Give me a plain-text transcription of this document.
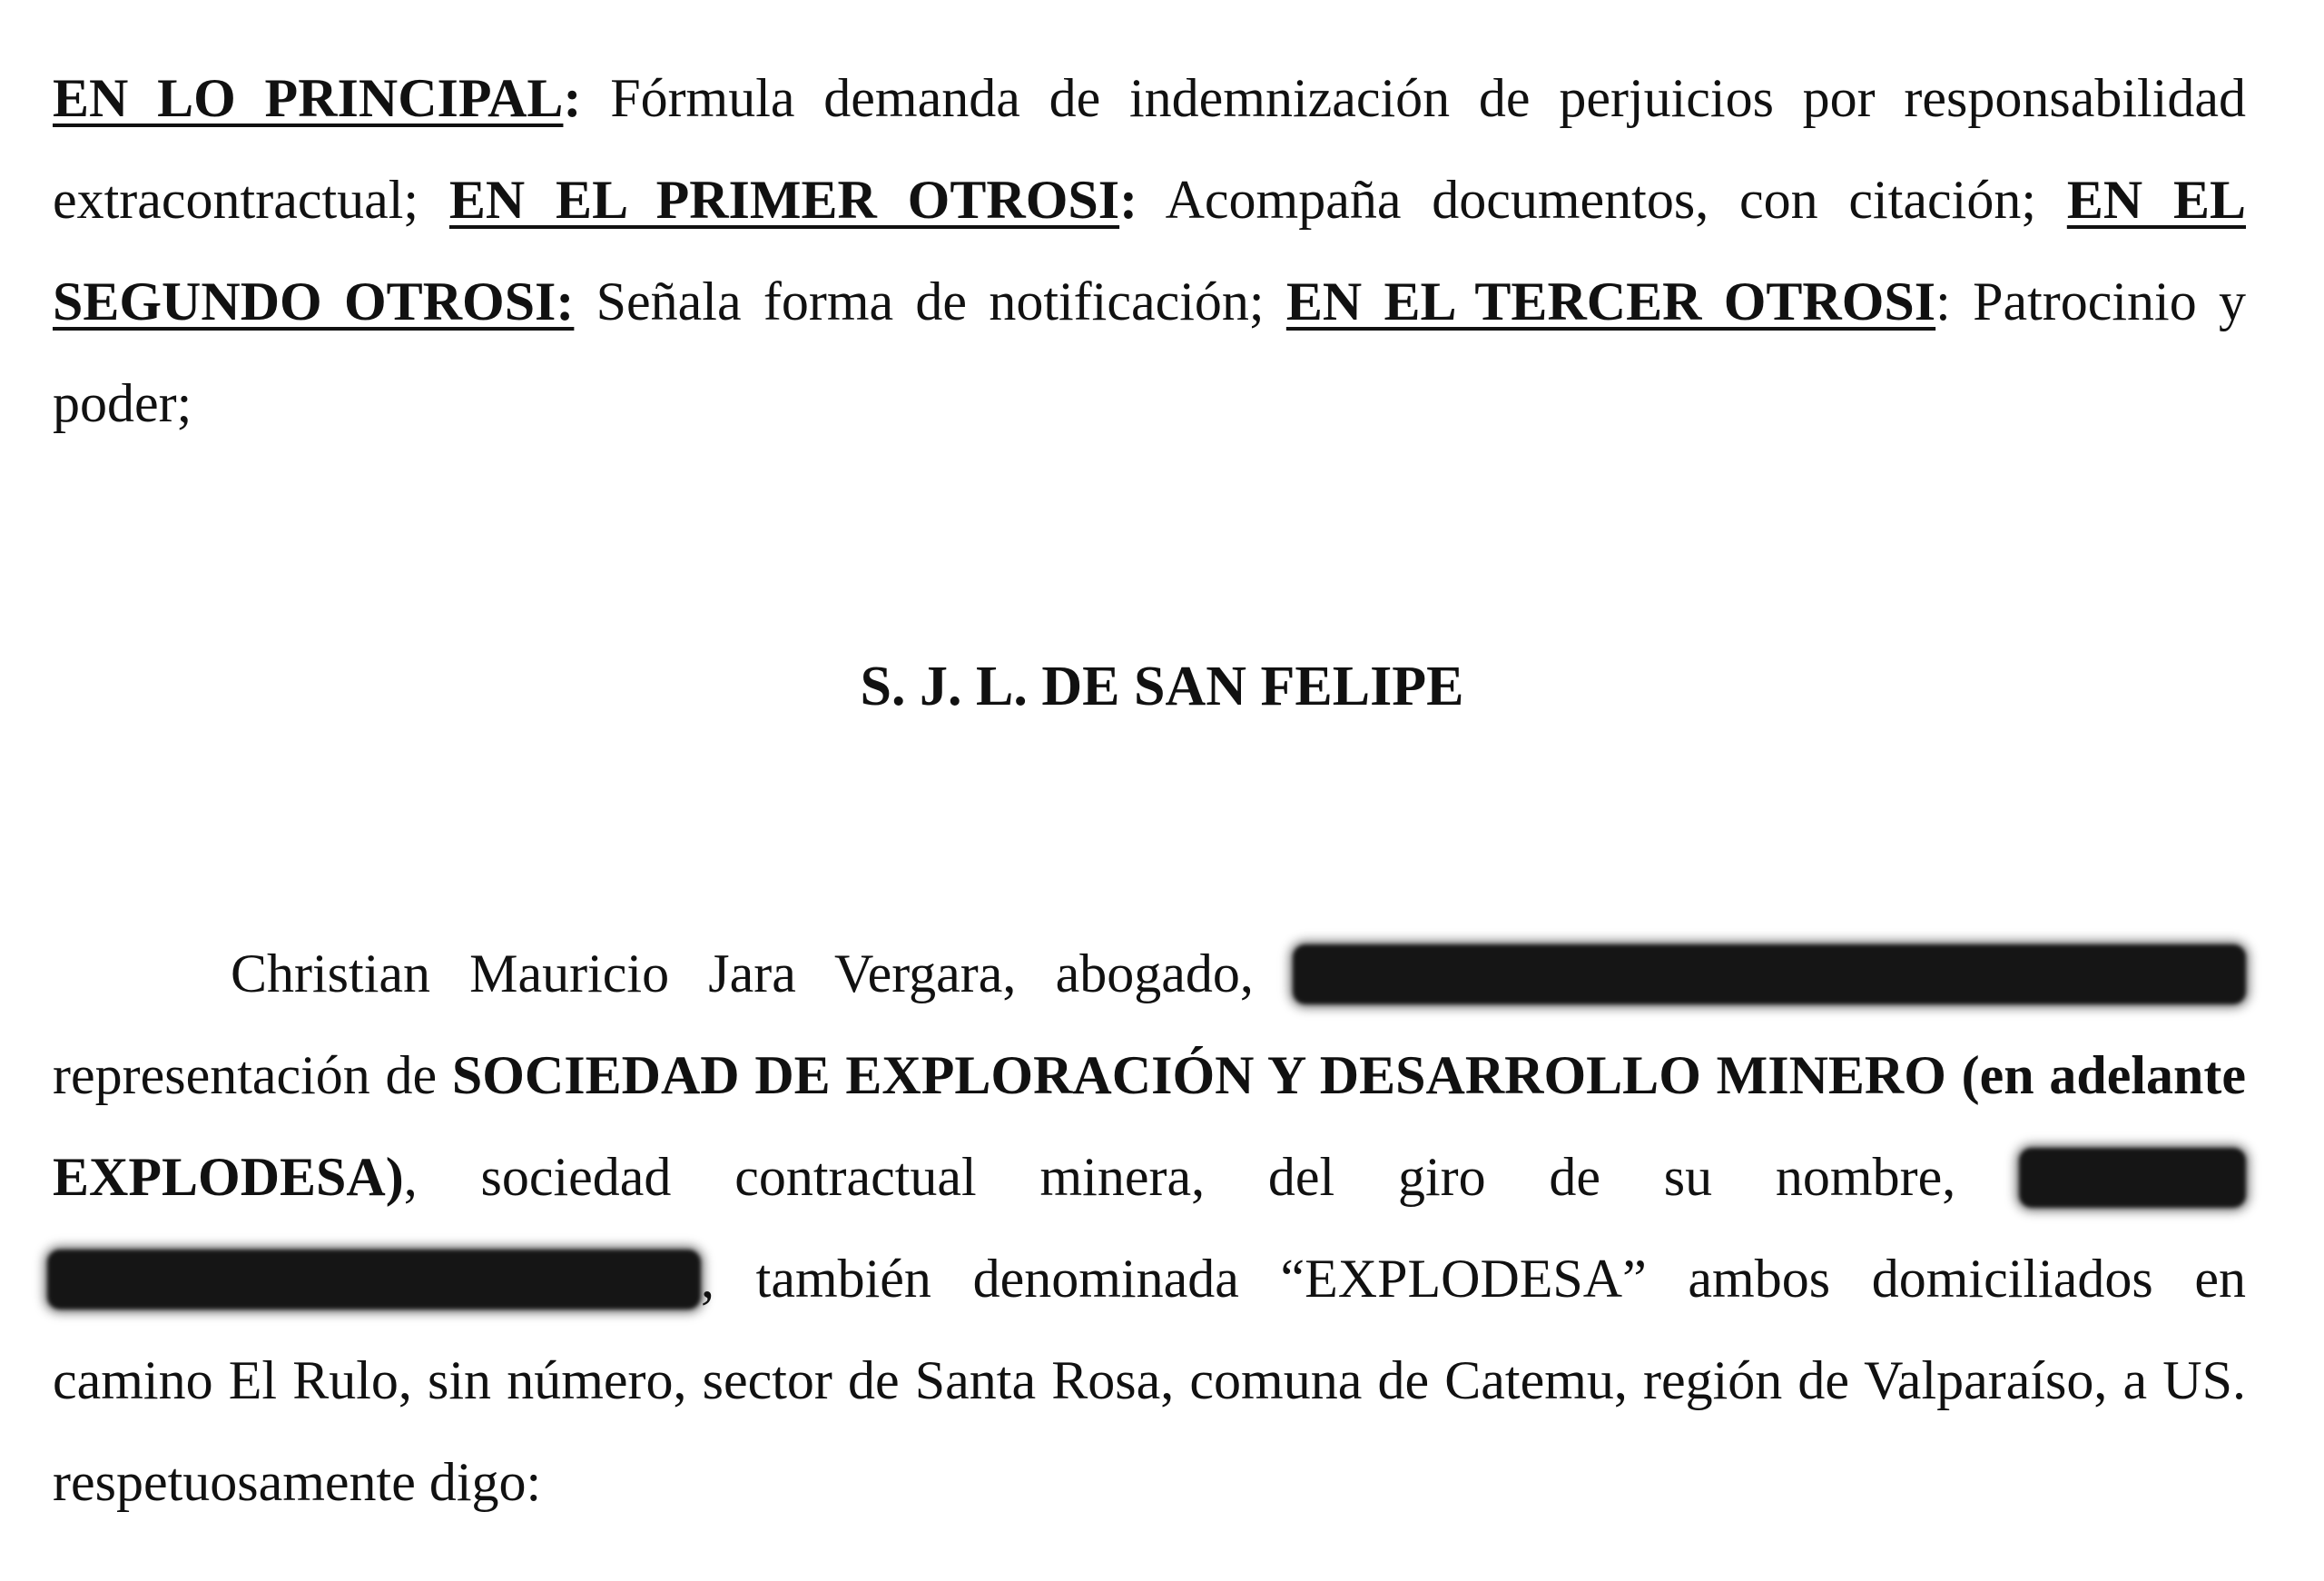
EN LO PRINCIPAL: Fórmula demanda de indemnización de perjuicios por responsabilidad extracontractual; EN EL PRIMER OTROSI: Acompaña documentos, con citación; EN EL SEGUNDO OTROSI: Señala forma de notificación; EN EL TERCER OTROSI: Patrocinio y poder;

S. J. L. DE SAN FELIPE

Christian Mauricio Jara Vergara, abogado,  representación de SOCIEDAD DE EXPLORACIÓN Y DESARROLLO MINERO (en adelante EXPLODESA), sociedad contractual minera, del giro de su nombre,  , también denominada “EXPLODESA” ambos domiciliados en camino El Rulo, sin número, sector de Santa Rosa, comuna de Catemu, región de Valparaíso, a US. respetuosamente digo:
